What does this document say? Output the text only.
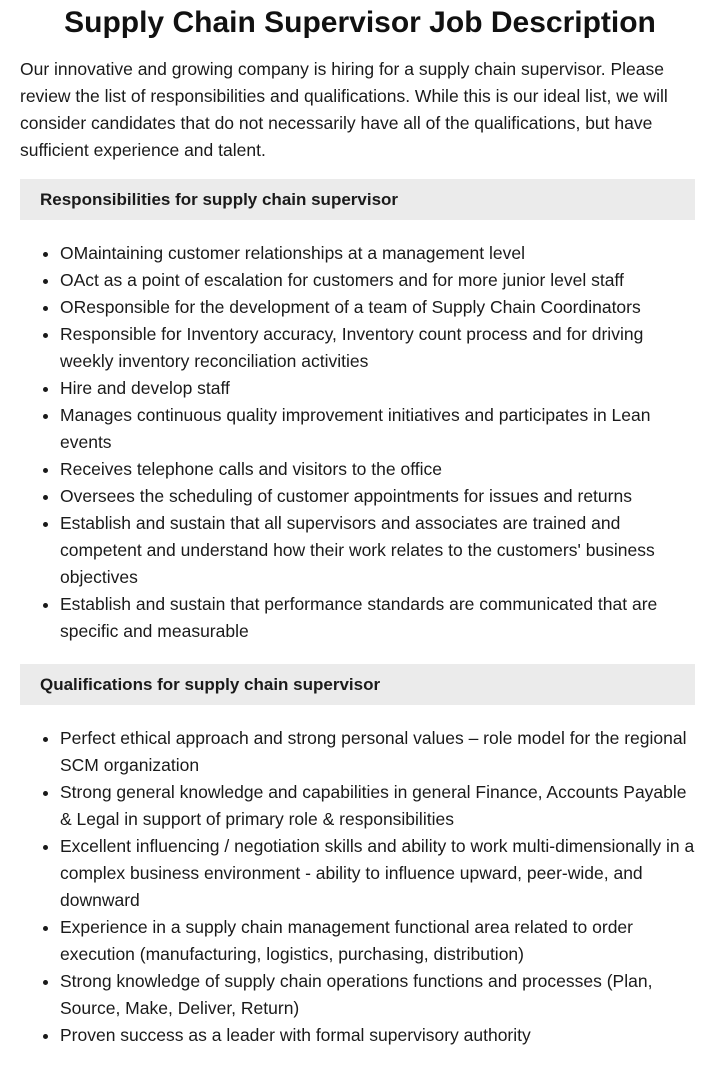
Supply Chain Supervisor Job Description

Our innovative and growing company is hiring for a supply chain supervisor. Please review the list of responsibilities and qualifications. While this is our ideal list, we will consider candidates that do not necessarily have all of the qualifications, but have sufficient experience and talent.

Responsibilities for supply chain supervisor
• OMaintaining customer relationships at a management level
• OAct as a point of escalation for customers and for more junior level staff
• OResponsible for the development of a team of Supply Chain Coordinators
• Responsible for Inventory accuracy, Inventory count process and for driving weekly inventory reconciliation activities
• Hire and develop staff
• Manages continuous quality improvement initiatives and participates in Lean events
• Receives telephone calls and visitors to the office
• Oversees the scheduling of customer appointments for issues and returns
• Establish and sustain that all supervisors and associates are trained and competent and understand how their work relates to the customers' business objectives
• Establish and sustain that performance standards are communicated that are specific and measurable
Qualifications for supply chain supervisor
• Perfect ethical approach and strong personal values – role model for the regional SCM organization
• Strong general knowledge and capabilities in general Finance, Accounts Payable & Legal in support of primary role & responsibilities
• Excellent influencing / negotiation skills and ability to work multi-dimensionally in a complex business environment - ability to influence upward, peer-wide, and downward
• Experience in a supply chain management functional area related to order execution (manufacturing, logistics, purchasing, distribution)
• Strong knowledge of supply chain operations functions and processes (Plan, Source, Make, Deliver, Return)
• Proven success as a leader with formal supervisory authority
